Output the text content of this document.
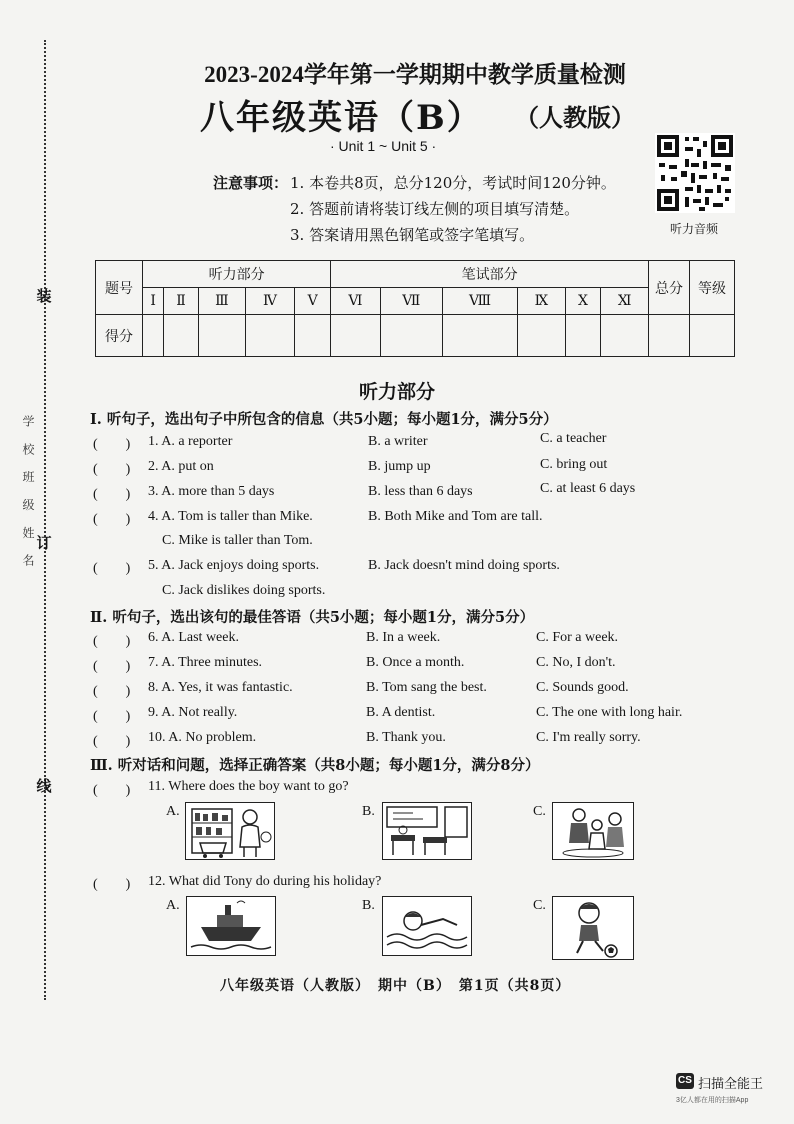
装
订
线
学 校 班 级 姓 名
2023-2024学年第一学期期中教学质量检测
八年级英语（B） （人教版）
· Unit 1 ~ Unit 5 ·
注意事项： 1. 本卷共8页，总分120分，考试时间120分钟。
2. 答题前请将装订线左侧的项目填写清楚。
3. 答案请用黑色钢笔或签字笔填写。	听力音频
题号	听力部分					笔试部分						总分	等级
	Ⅰ	Ⅱ	Ⅲ	Ⅳ	Ⅴ	Ⅵ	Ⅶ	Ⅷ	Ⅸ	Ⅹ	Ⅺ		
得分													
听力部分
Ⅰ. 听句子，选出句子中所包含的信息（共5小题；每小题1分，满分5分）
(　　) 1. A. a reporter	B. a writer	C. a teacher
(　　) 2. A. put on	B. jump up	C. bring out
(　　) 3. A. more than 5 days	B. less than 6 days	C. at least 6 days
(　　) 4. A. Tom is taller than Mike.	B. Both Mike and Tom are tall.
C. Mike is taller than Tom.
(　　) 5. A. Jack enjoys doing sports.	B. Jack doesn't mind doing sports.
C. Jack dislikes doing sports.
Ⅱ. 听句子，选出该句的最佳答语（共5小题；每小题1分，满分5分）
(　　) 6. A. Last week.	B. In a week.	C. For a week.
(　　) 7. A. Three minutes.	B. Once a month.	C. No, I don't.
(　　) 8. A. Yes, it was fantastic.	B. Tom sang the best.	C. Sounds good.
(　　) 9. A. Not really.	B. A dentist.	C. The one with long hair.
(　　) 10. A. No problem.	B. Thank you.	C. I'm really sorry.
Ⅲ. 听对话和问题，选择正确答案（共8小题；每小题1分，满分8分）
(　　) 11. Where does the boy want to go?
A.	B.	C.
(　　) 12. What did Tony do during his holiday?
A.	B.	C.
八年级英语（人教版）　期中（B）　第1页（共8页）
CS 扫描全能王
3亿人都在用的扫描App
